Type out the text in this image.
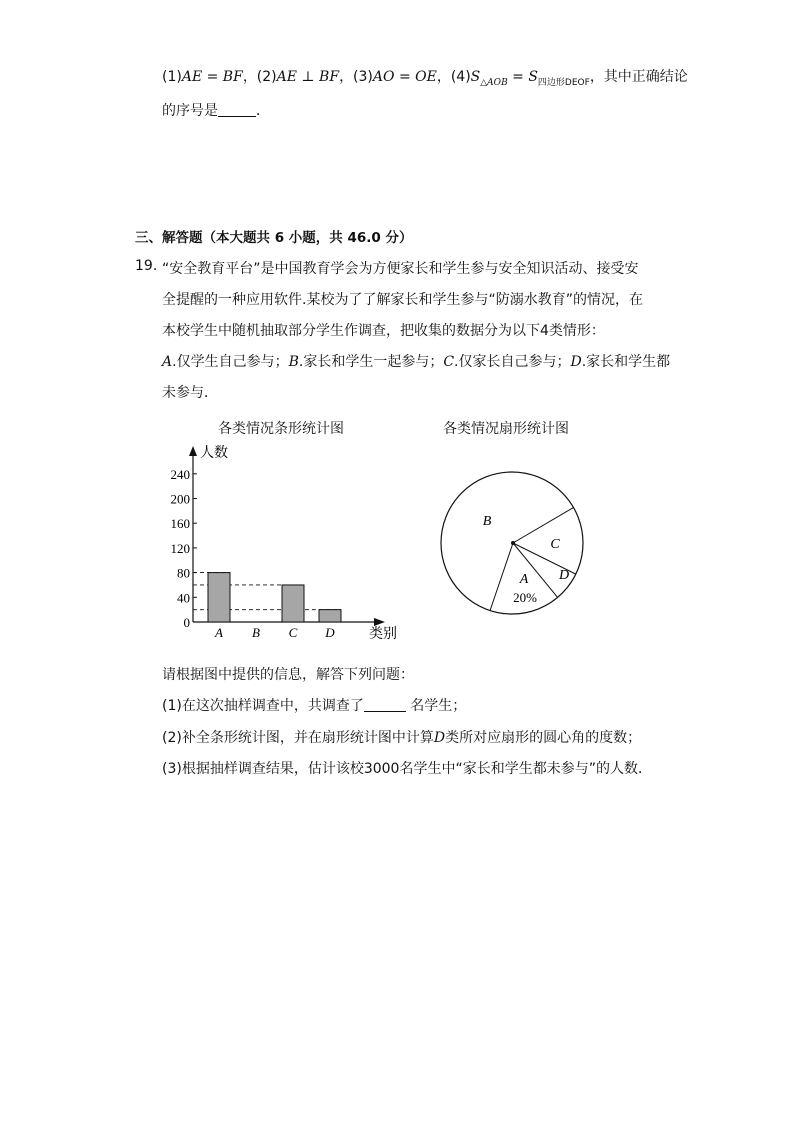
(1)AE = BF，(2)AE ⊥ BF，(3)AO = OE，$(4)S_{\triangle AOB} = S_{四边形DEOF}$，其中正确结论
的序号是	．
三、解答题（本大题共 6 小题，共 46.0 分）
19. “安全教育平台”是中国教育学会为方便家长和学生参与安全知识活动、接受安
全提醒的一种应用软件.某校为了了解家长和学生参与“防溺水教育”的情况，在
本校学生中随机抽取部分学生作调查，把收集的数据分为以下4类情形：
A.仅学生自己参与；B.家长和学生一起参与；C.仅家长自己参与；D.家长和学生都
未参与．
各类情况条形统计图	各类情况扇形统计图
人数
0
40
80
120
160
200
240
A B C D 类别
B
C
D
A
20%
请根据图中提供的信息，解答下列问题：
(1)在这次抽样调查中，共调查了	名学生；
(2)补全条形统计图，并在扇形统计图中计算D类所对应扇形的圆心角的度数；
(3)根据抽样调查结果，估计该校3000名学生中“家长和学生都未参与”的人数．
